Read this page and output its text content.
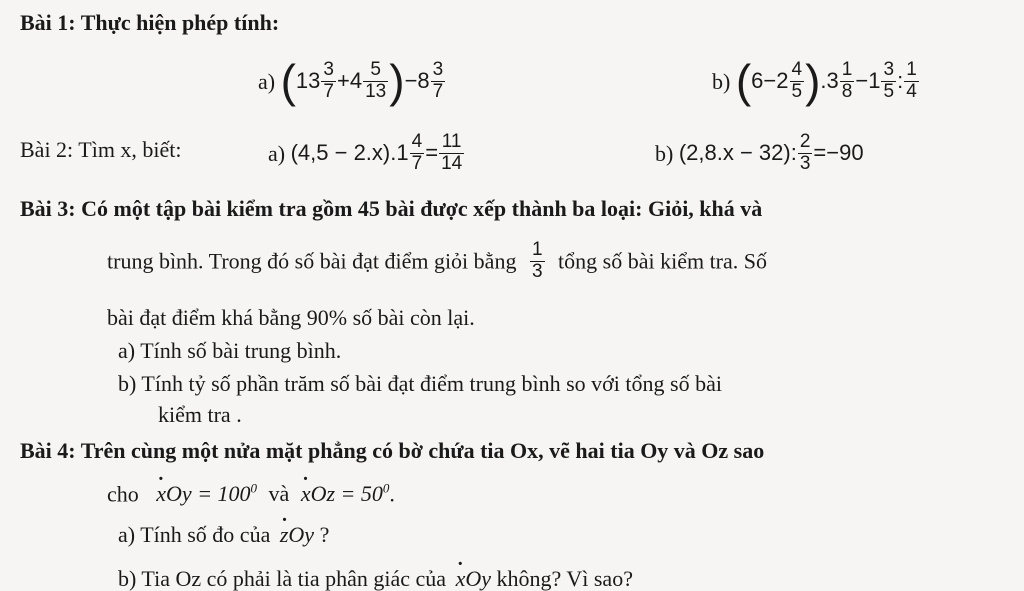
Bài 1: Thực hiện phép tính:
a) $(13 \frac{3}{7} +4 \frac{5}{13} )-8 \frac{3}{7}$	b) $(6-2 \frac{4}{5} ).3 \frac{1}{8} -1 \frac{3}{5}$ : $\frac{1}{4}$
Bài 2: Tìm x, biết:	a) $(4,5 - 2.x).1 \frac{4}{7} = \frac{11}{14}$	b) (2,8.x − 32): $\frac{2}{3} =-90$
Bài 3: Có một tập bài kiểm tra gồm 45 bài được xếp thành ba loại: Giỏi, khá và
trung bình. Trong đó số bài đạt điểm giỏi bằng $\frac{1}{3}$ tổng số bài kiểm tra. Số
bài đạt điểm khá bằng 90% số bài còn lại.
a) Tính số bài trung bình.
b) Tính tỷ số phần trăm số bài đạt điểm trung bình so với tổng số bài
kiểm tra .
Bài 4: Trên cùng một nửa mặt phẳng có bờ chứa tia Ox, vẽ hai tia Oy và Oz sao
cho · xOy = $100^0$ và · xOz = $50^0$.
a) Tính số đo của · zOy ?
b) Tia Oz có phải là tia phân giác của · xOy không? Vì sao?
